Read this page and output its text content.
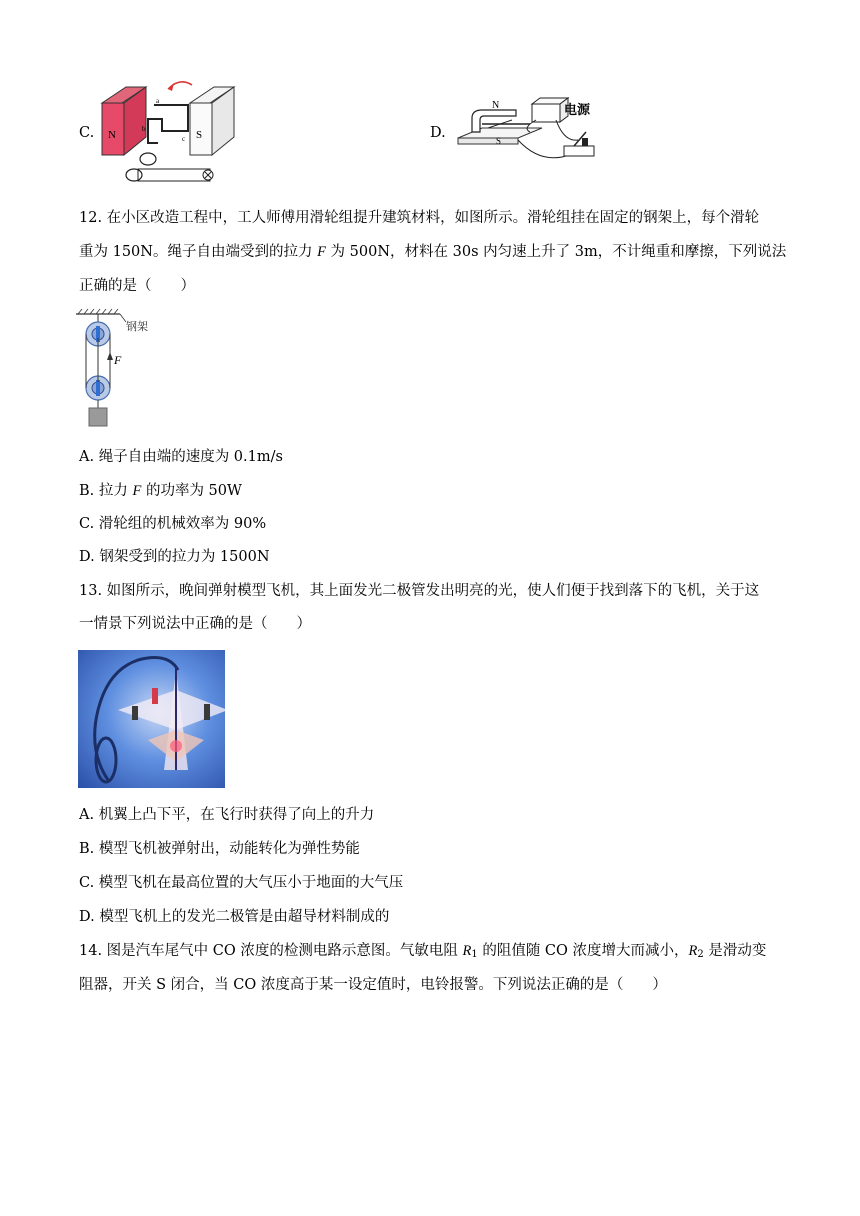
C. N	S
a
b
c	D.
N
S
电源
12. 在小区改造工程中，工人师傅用滑轮组提升建筑材料，如图所示。滑轮组挂在固定的钢架上，每个滑轮
重为 150N。绳子自由端受到的拉力 F 为 500N，材料在 30s 内匀速上升了 3m，不计绳重和摩擦，下列说法
正确的是（　　）
钢架
F
A. 绳子自由端的速度为 0.1m/s
B. 拉力 F 的功率为 50W
C. 滑轮组的机械效率为 90%
D. 钢架受到的拉力为 1500N
13. 如图所示，晚间弹射模型飞机，其上面发光二极管发出明亮的光，使人们便于找到落下的飞机，关于这
一情景下列说法中正确的是（　　）
A. 机翼上凸下平，在飞行时获得了向上的升力
B. 模型飞机被弹射出，动能转化为弹性势能
C. 模型飞机在最高位置的大气压小于地面的大气压
D. 模型飞机上的发光二极管是由超导材料制成的
14. 图是汽车尾气中 CO 浓度的检测电路示意图。气敏电阻 $R_1$ 的阻值随 CO 浓度增大而减小，$R_2$ 是滑动变
阻器，开关 S 闭合，当 CO 浓度高于某一设定值时，电铃报警。下列说法正确的是（　　）
